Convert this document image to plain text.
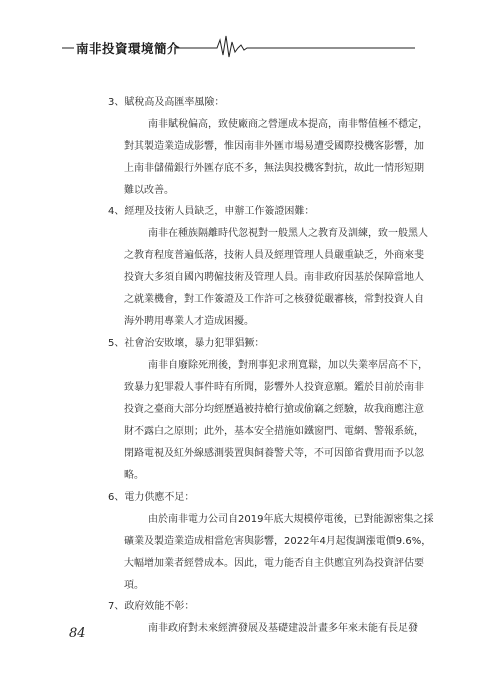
南非投資環境簡介
3、賦稅高及高匯率風險：
南非賦稅偏高，致使廠商之營運成本提高，南非幣值極不穩定，
對其製造業造成影響，惟因南非外匯市場易遭受國際投機客影響，加
上南非儲備銀行外匯存底不多，無法與投機客對抗，故此一情形短期
難以改善。
4、經理及技術人員缺乏，申辦工作簽證困難：
南非在種族隔離時代忽視對一般黑人之教育及訓練，致一般黑人
之教育程度普遍低落，技術人員及經理管理人員嚴重缺乏，外商來斐
投資大多須自國內聘僱技術及管理人員。南非政府因基於保障當地人
之就業機會，對工作簽證及工作許可之核發從嚴審核，常對投資人自
海外聘用專業人才造成困擾。
5、社會治安敗壞，暴力犯罪猖獗：
南非自廢除死刑後，對刑事犯求刑寬鬆，加以失業率居高不下，
致暴力犯罪殺人事件時有所聞，影響外人投資意願。鑑於目前於南非
投資之臺商大部分均經歷過被持槍行搶或偷竊之經驗，故我商應注意
財不露白之原則；此外，基本安全措施如鐵窗門、電網、警報系統，
閉路電視及紅外線感測裝置與飼養警犬等，不可因節省費用而予以忽
略。
6、電力供應不足：
由於南非電力公司自2019年底大規模停電後，已對能源密集之採
礦業及製造業造成相當危害與影響，2022年4月起復調漲電價9.6%，
大幅增加業者經營成本。因此，電力能否自主供應宜列為投資評估要
項。
7、政府效能不彰：
南非政府對未來經濟發展及基礎建設計畫多年來未能有長足發
84
